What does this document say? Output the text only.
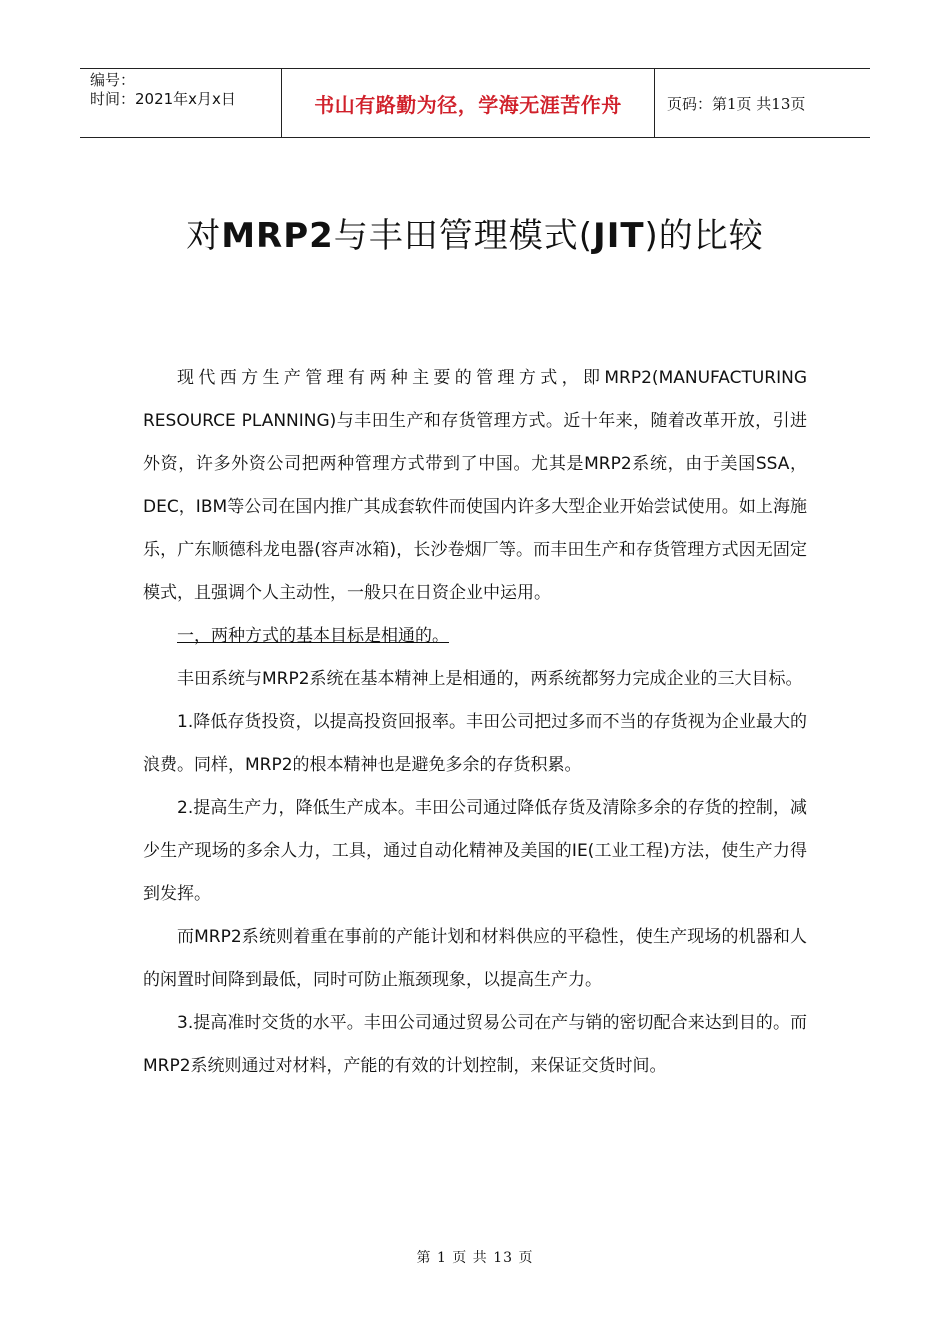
编号：
时间：2021年x月x日	书山有路勤为径，学海无涯苦作舟	页码：第1页 共13页
对MRP2与丰田管理模式(JIT)的比较

现代西方生产管理有两种主要的管理方式，即MRP2(MANUFACTURING RESOURCE PLANNING)与丰田生产和存货管理方式。近十年来，随着改革开放，引进外资，许多外资公司把两种管理方式带到了中国。尤其是MRP2系统，由于美国SSA，DEC，IBM等公司在国内推广其成套软件而使国内许多大型企业开始尝试使用。如上海施乐，广东顺德科龙电器(容声冰箱)，长沙卷烟厂等。而丰田生产和存货管理方式因无固定模式，且强调个人主动性，一般只在日资企业中运用。

一，两种方式的基本目标是相通的。

丰田系统与MRP2系统在基本精神上是相通的，两系统都努力完成企业的三大目标。

1.降低存货投资，以提高投资回报率。丰田公司把过多而不当的存货视为企业最大的浪费。同样，MRP2的根本精神也是避免多余的存货积累。

2.提高生产力，降低生产成本。丰田公司通过降低存货及清除多余的存货的控制，减少生产现场的多余人力，工具，通过自动化精神及美国的IE(工业工程)方法，使生产力得到发挥。

而MRP2系统则着重在事前的产能计划和材料供应的平稳性，使生产现场的机器和人的闲置时间降到最低，同时可防止瓶颈现象，以提高生产力。

3.提高准时交货的水平。丰田公司通过贸易公司在产与销的密切配合来达到目的。而MRP2系统则通过对材料，产能的有效的计划控制，来保证交货时间。

第 1 页 共 13 页
